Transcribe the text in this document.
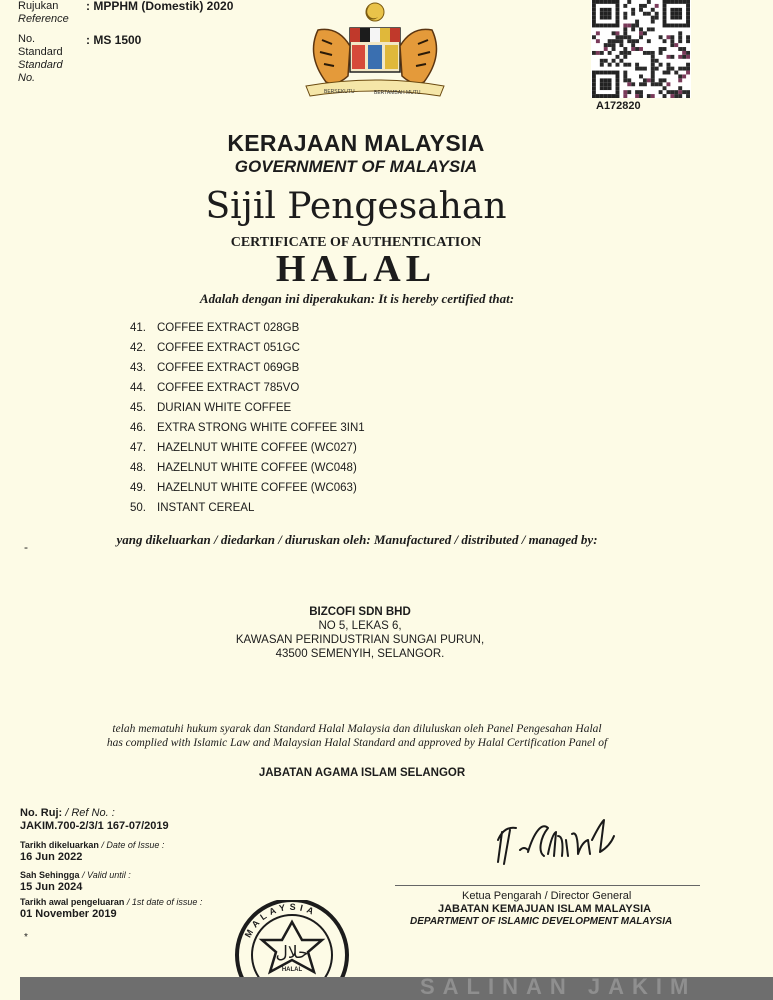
Rujukan
Reference
: MPPHM (Domestik) 2020
No.
Standard
Standard
No.
: MS 1500
BERSEKUTU	BERTAMBAH MUTU
A172820
KERAJAAN MALAYSIA
GOVERNMENT OF MALAYSIA
Sijil Pengesahan
CERTIFICATE OF AUTHENTICATION
HALAL
Adalah dengan ini diperakukan: It is hereby certified that:
41. COFFEE EXTRACT 028GB
42. COFFEE EXTRACT 051GC
43. COFFEE EXTRACT 069GB
44. COFFEE EXTRACT 785VO
45. DURIAN WHITE COFFEE
46. EXTRA STRONG WHITE COFFEE 3IN1
47. HAZELNUT WHITE COFFEE (WC027)
48. HAZELNUT WHITE COFFEE (WC048)
49. HAZELNUT WHITE COFFEE (WC063)
50. INSTANT CEREAL
-	yang dikeluarkan / diedarkan / diuruskan oleh: Manufactured / distributed / managed by:
BIZCOFI SDN BHD
NO 5, LEKAS 6,
KAWASAN PERINDUSTRIAN SUNGAI PURUN,
43500 SEMENYIH, SELANGOR.
telah mematuhi hukum syarak dan Standard Halal Malaysia dan diluluskan oleh Panel Pengesahan Halal
has complied with Islamic Law and Malaysian Halal Standard and approved by Halal Certification Panel of
JABATAN AGAMA ISLAM SELANGOR
No. Ruj: / Ref No. :
JAKIM.700-2/3/1 167-07/2019
Tarikh dikeluarkan / Date of Issue :
16 Jun 2022
Sah Sehingga / Valid until :
15 Jun 2024
Tarikh awal pengeluaran / 1st date of issue :
01 November 2019
*
Ketua Pengarah / Director General
JABATAN KEMAJUAN ISLAM MALAYSIA
DEPARTMENT OF ISLAMIC DEVELOPMENT MALAYSIA
MALAYSIA
حلال
HALAL
SALINAN JAKIM
